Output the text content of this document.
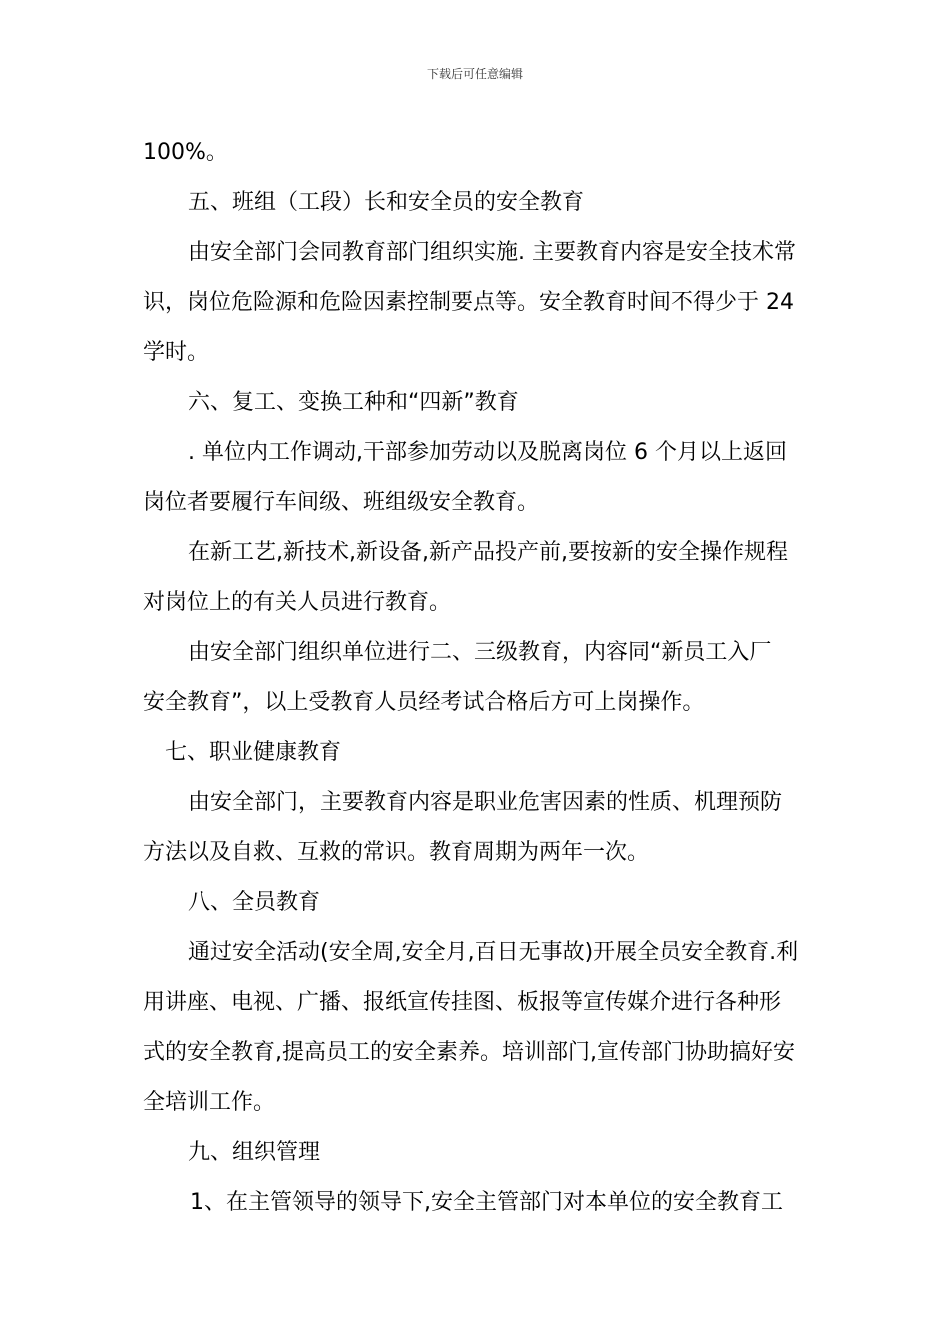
下载后可任意编辑
100%。
五、班组（工段）长和安全员的安全教育
由安全部门会同教育部门组织实施. 主要教育内容是安全技术常
识，岗位危险源和危险因素控制要点等。安全教育时间不得少于 24
学时。
六、复工、变换工种和“四新”教育
. 单位内工作调动,干部参加劳动以及脱离岗位 6 个月以上返回
岗位者要履行车间级、班组级安全教育。
在新工艺,新技术,新设备,新产品投产前,要按新的安全操作规程
对岗位上的有关人员进行教育。
由安全部门组织单位进行二、三级教育，内容同“新员工入厂
安全教育”，以上受教育人员经考试合格后方可上岗操作。
七、职业健康教育
由安全部门，主要教育内容是职业危害因素的性质、机理预防
方法以及自救、互救的常识。教育周期为两年一次。
八、全员教育
通过安全活动(安全周,安全月,百日无事故)开展全员安全教育.利
用讲座、电视、广播、报纸宣传挂图、板报等宣传媒介进行各种形
式的安全教育,提高员工的安全素养。培训部门,宣传部门协助搞好安
全培训工作。
九、组织管理
1、在主管领导的领导下,安全主管部门对本单位的安全教育工
